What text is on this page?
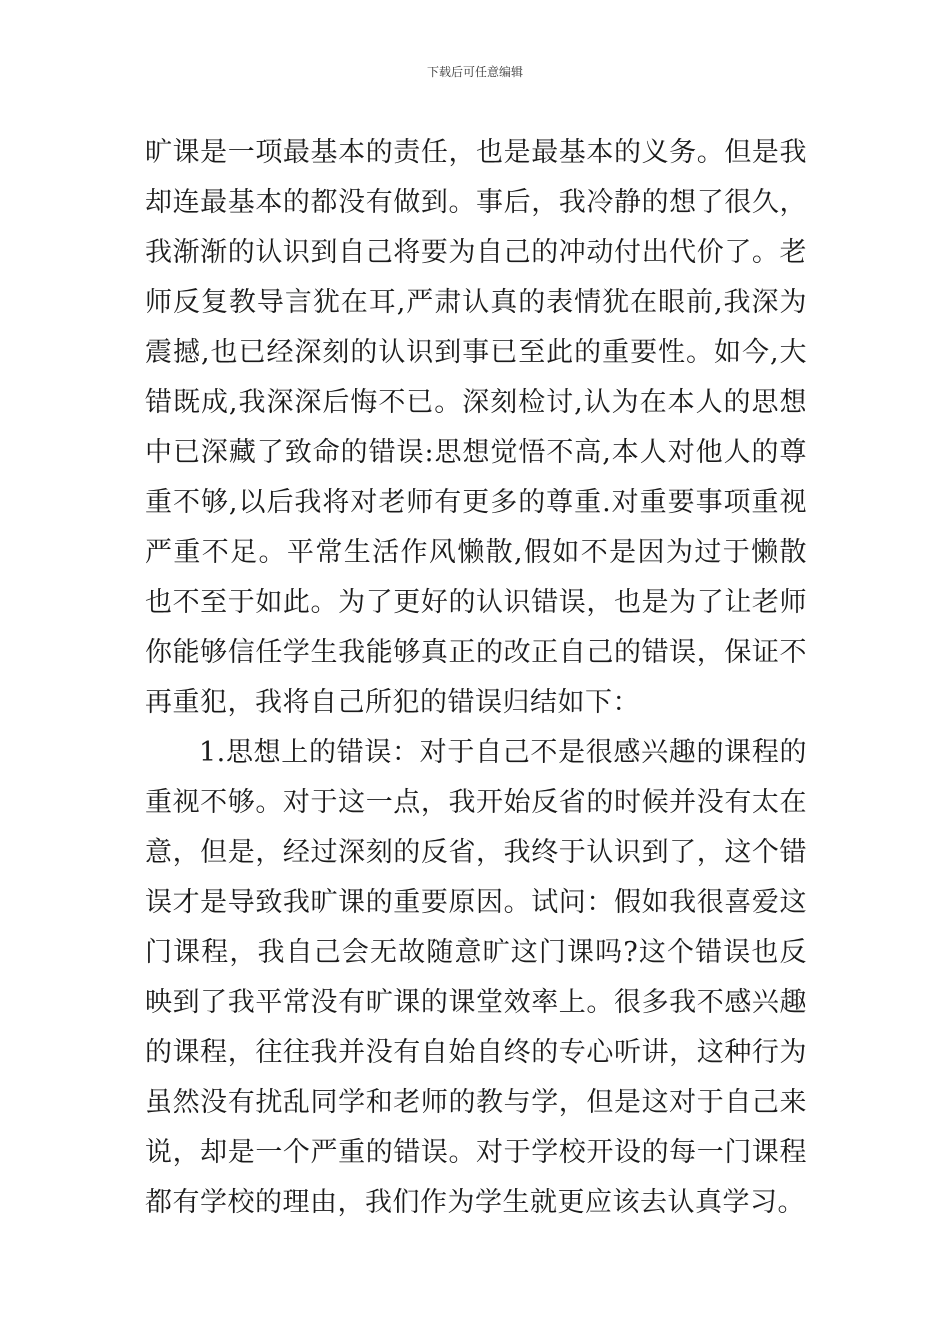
下载后可任意编辑

旷课是一项最基本的责任，也是最基本的义务。但是我却连最基本的都没有做到。事后，我冷静的想了很久，我渐渐的认识到自己将要为自己的冲动付出代价了。老师反复教导言犹在耳,严肃认真的表情犹在眼前,我深为震撼,也已经深刻的认识到事已至此的重要性。如今,大错既成,我深深后悔不已。深刻检讨,认为在本人的思想中已深藏了致命的错误:思想觉悟不高,本人对他人的尊重不够,以后我将对老师有更多的尊重.对重要事项重视严重不足。平常生活作风懒散,假如不是因为过于懒散也不至于如此。为了更好的认识错误，也是为了让老师你能够信任学生我能够真正的改正自己的错误，保证不再重犯，我将自己所犯的错误归结如下：

1.思想上的错误：对于自己不是很感兴趣的课程的重视不够。对于这一点，我开始反省的时候并没有太在意，但是，经过深刻的反省，我终于认识到了，这个错误才是导致我旷课的重要原因。试问：假如我很喜爱这门课程，我自己会无故随意旷这门课吗?这个错误也反映到了我平常没有旷课的课堂效率上。很多我不感兴趣的课程，往往我并没有自始自终的专心听讲，这种行为虽然没有扰乱同学和老师的教与学，但是这对于自己来说，却是一个严重的错误。对于学校开设的每一门课程都有学校的理由，我们作为学生就更应该去认真学习。
